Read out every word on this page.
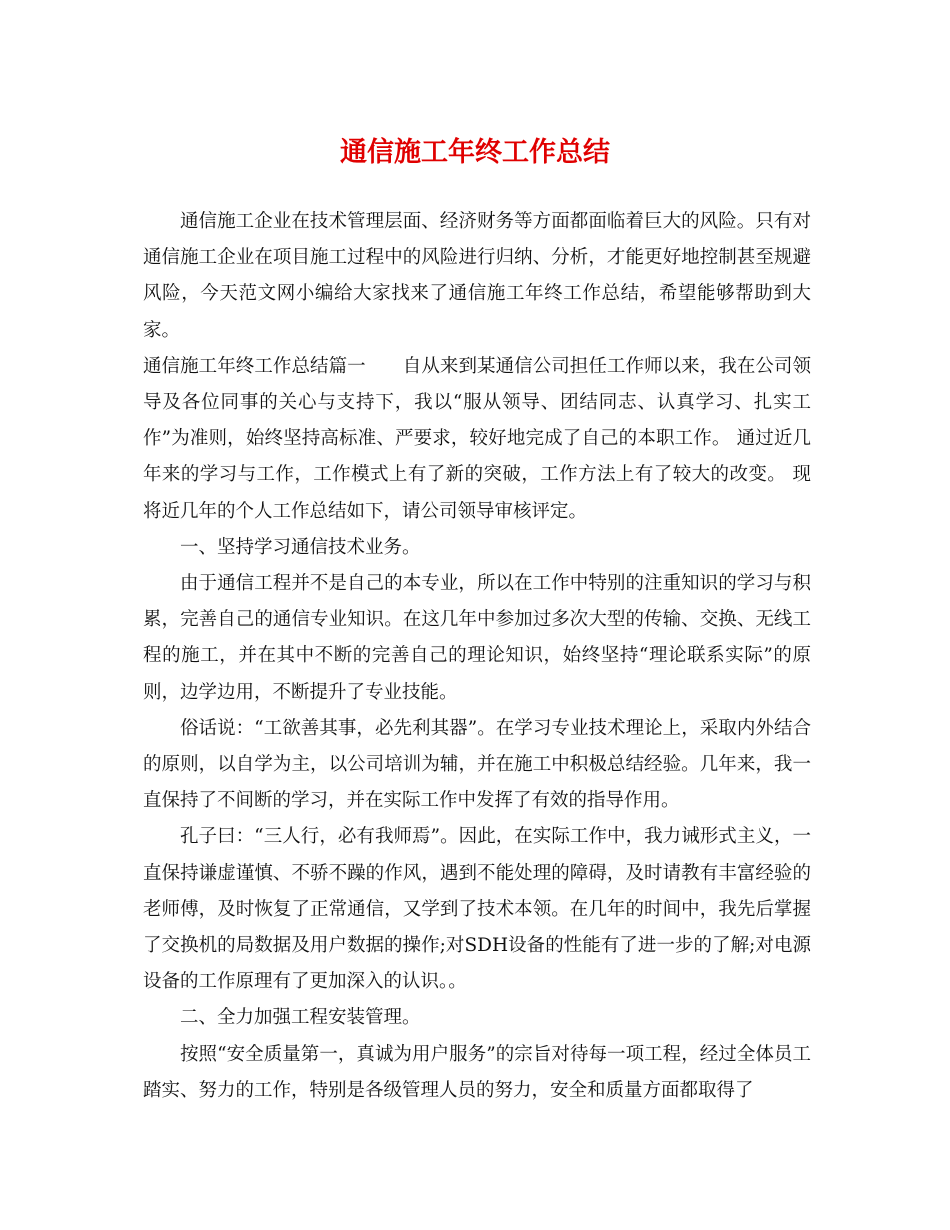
通信施工年终工作总结

通信施工企业在技术管理层面、经济财务等方面都面临着巨大的风险。只有对通信施工企业在项目施工过程中的风险进行归纳、分析，才能更好地控制甚至规避风险，今天范文网小编给大家找来了通信施工年终工作总结，希望能够帮助到大家。

通信施工年终工作总结篇一　　自从来到某通信公司担任工作师以来，我在公司领导及各位同事的关心与支持下，我以“服从领导、团结同志、认真学习、扎实工作”为准则，始终坚持高标准、严要求，较好地完成了自己的本职工作。 通过近几年来的学习与工作，工作模式上有了新的突破，工作方法上有了较大的改变。 现将近几年的个人工作总结如下，请公司领导审核评定。

一、坚持学习通信技术业务。

由于通信工程并不是自己的本专业，所以在工作中特别的注重知识的学习与积累，完善自己的通信专业知识。在这几年中参加过多次大型的传输、交换、无线工程的施工，并在其中不断的完善自己的理论知识，始终坚持“理论联系实际”的原则，边学边用，不断提升了专业技能。

俗话说：“工欲善其事，必先利其器”。在学习专业技术理论上，采取内外结合的原则，以自学为主，以公司培训为辅，并在施工中积极总结经验。几年来，我一直保持了不间断的学习，并在实际工作中发挥了有效的指导作用。

孔子曰：“三人行，必有我师焉”。因此，在实际工作中，我力诫形式主义，一直保持谦虚谨慎、不骄不躁的作风，遇到不能处理的障碍，及时请教有丰富经验的老师傅，及时恢复了正常通信，又学到了技术本领。在几年的时间中，我先后掌握了交换机的局数据及用户数据的操作;对SDH设备的性能有了进一步的了解;对电源设备的工作原理有了更加深入的认识。。

二、全力加强工程安装管理。

按照“安全质量第一，真诚为用户服务”的宗旨对待每一项工程，经过全体员工踏实、努力的工作，特别是各级管理人员的努力，安全和质量方面都取得了
